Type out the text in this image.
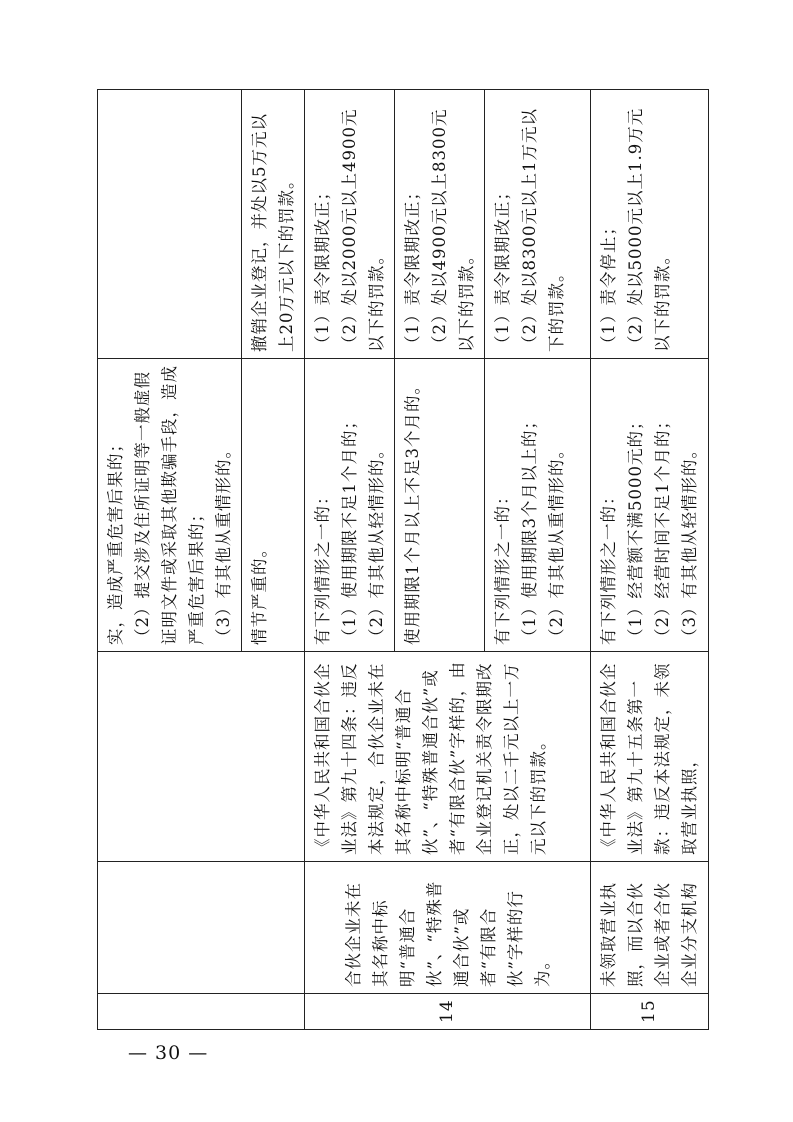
			实，造成严重危害后果的； （2）提交涉及住所证明等一般虚假证明文件或采取其他欺骗手段，造成严重危害后果的； （3）有其他从重情形的。	

			情节严重的。	撤销企业登记，并处以5万元以上20万元以下的罚款。

14	合伙企业未在其名称中标明“普通合伙”、“特殊普通合伙”或者“有限合伙”字样的行为。	《中华人民共和国合伙企业法》第九十四条：违反本法规定，合伙企业未在其名称中标明“普通合伙”、“特殊普通合伙”或者“有限合伙”字样的，由企业登记机关责令限期改正，处以二千元以上一万元以下的罚款。	有下列情形之一的： （1）使用期限不足1个月的； （2）有其他从轻情形的。	（1）责令限期改正； （2）处以2000元以上4900元以下的罚款。

			使用期限1个月以上不足3个月的。	（1）责令限期改正； （2）处以4900元以上8300元以下的罚款。

			有下列情形之一的： （1）使用期限3个月以上的； （2）有其他从重情形的。	（1）责令限期改正； （2）处以8300元以上1万元以下的罚款。

15	未领取营业执照，而以合伙企业或者合伙企业分支机构	《中华人民共和国合伙企业法》第九十五条第一款：违反本法规定，未领取营业执照，	有下列情形之一的： （1）经营额不满5000元的； （2）经营时间不足1个月的； （3）有其他从轻情形的。	（1）责令停止； （2）处以5000元以上1.9万元以下的罚款。
— 30 —
